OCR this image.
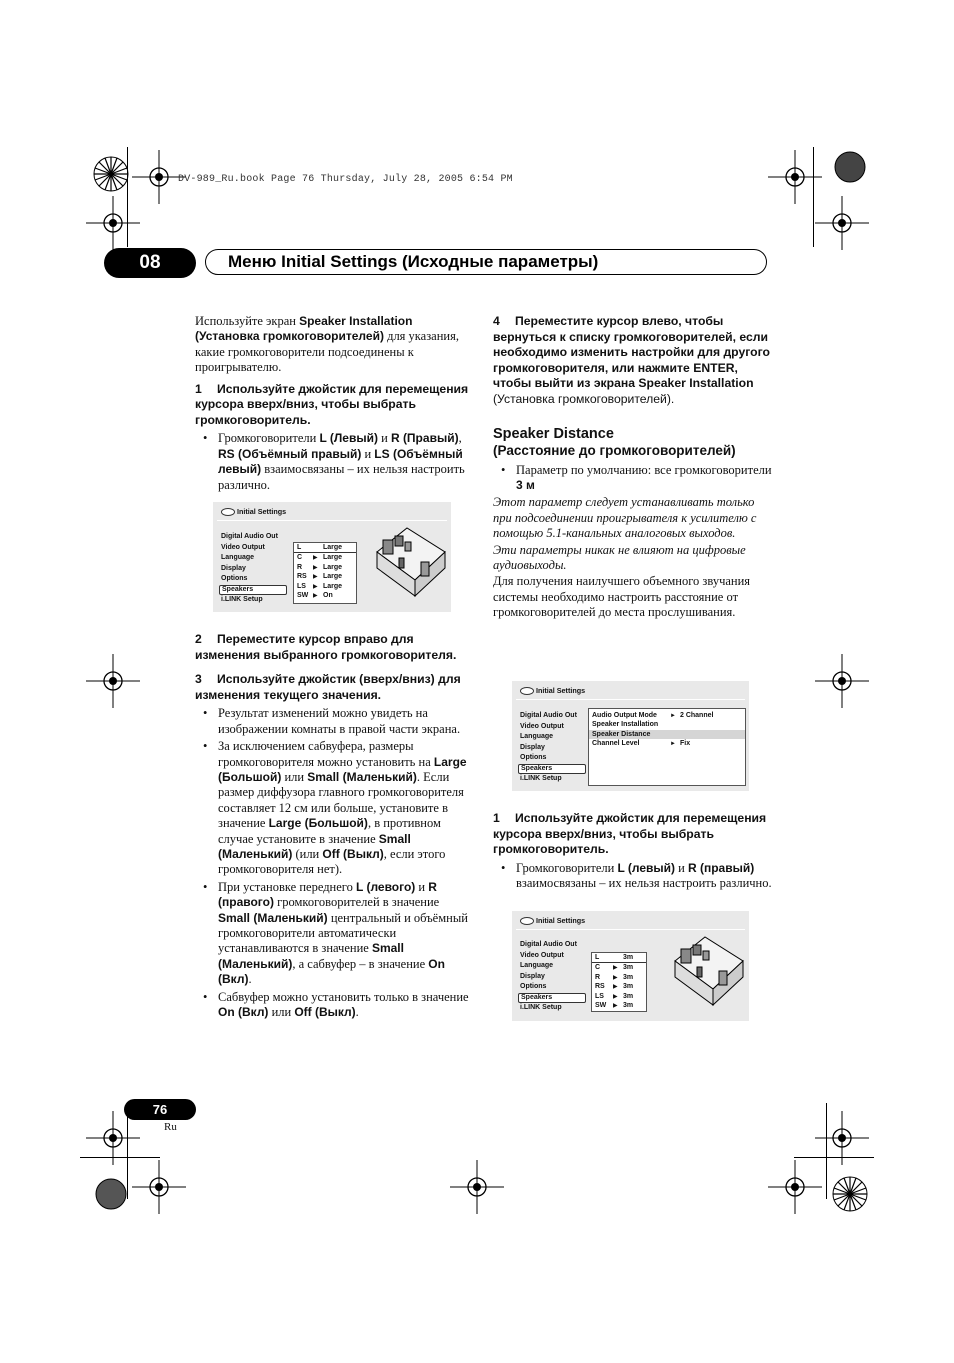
DV-989_Ru.book Page 76 Thursday, July 28, 2005 6:54 PM
08	Меню Initial Settings (Исходные параметры)

Используйте экран Speaker Installation (Установка громкоговорителей) для указания, какие громкоговорители подсоединены к проигрывателю.

1 Используйте джойстик для перемещения курсора вверх/вниз, чтобы выбрать громкоговоритель.
• Громкоговорители L (Левый) и R (Правый), RS (Объёмный правый) и LS (Объёмный левый) взаимосвязаны – их нельзя настроить различно.
Initial Settings
Digital Audio Out
Video Output
Language
Display
Options
Speakers
i.LINK Setup
L	Large
C ▶ Large
R ▶ Large
RS ▶ Large
LS ▶ Large
SW ▶ On
2 Переместите курсор вправо для изменения выбранного громкоговорителя.
3 Используйте джойстик (вверх/вниз) для изменения текущего значения.
• Результат изменений можно увидеть на изображении комнаты в правой части экрана.
• За исключением сабвуфера, размеры громкоговорителя можно установить на Large (Большой) или Small (Маленький). Если размер диффузора главного громкоговорителя составляет 12 см или больше, установите в значение Large (Большой), в противном случае установите в значение Small (Маленький) (или Off (Выкл), если этого громкоговорителя нет).
• При установке переднего L (левого) и R (правого) громкоговорителей в значение Small (Маленький) центральный и объёмный громкоговорители автоматически устанавливаются в значение Small (Маленький), а сабвуфер – в значение On (Вкл).
• Сабвуфер можно установить только в значение On (Вкл) или Off (Выкл).
4 Переместите курсор влево, чтобы вернуться к списку громкоговорителей, если необходимо изменить настройки для другого громкоговорителя, или нажмите ENTER, чтобы выйти из экрана Speaker Installation (Установка громкоговорителей).
Speaker Distance
(Расстояние до громкоговорителей)
• Параметр по умолчанию: все громкоговорители 3 м

Этот параметр следует устанавливать только при подсоединении проигрывателя к усилителю с помощью 5.1-канальных аналоговых выходов.

Эти параметры никак не влияют на цифровые аудиовыходы.

Для получения наилучшего объемного звучания системы необходимо настроить расстояние от громкоговорителей до места прослушивания.

Initial Settings
Digital Audio Out
Video Output
Language
Display
Options
Speakers
i.LINK Setup
Audio Output Mode ► 2 Channel
Speaker Installation
Speaker Distance
Channel Level	► Fix
1 Используйте джойстик для перемещения курсора вверх/вниз, чтобы выбрать громкоговоритель.
• Громкоговорители L (левый) и R (правый) взаимосвязаны – их нельзя настроить различно.
Initial Settings
Digital Audio Out
Video Output
Language
Display
Options
Speakers
i.LINK Setup
L	3m
C ▶ 3m
R ▶ 3m
RS ▶ 3m
LS ▶ 3m
SW ▶ 3m
76
Ru
